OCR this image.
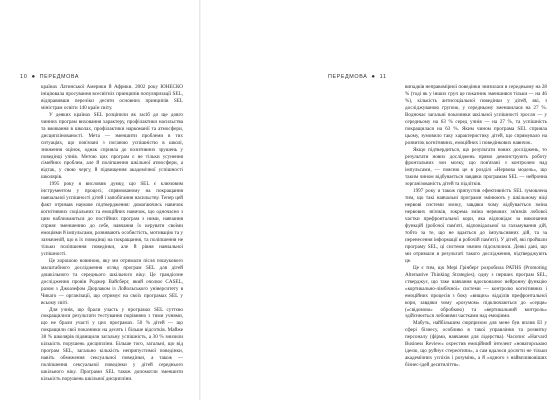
10 ● ПЕРЕДМОВА

країнах Латинської Америки й Африки. 2002 року ЮНЕСКО ініціювала просування всесвітніх принципів популяризації SEL, відправивши переліки десяти основних принципів SEL міністрам освіти 140 країн світу.

У деяких країнах SEL розцінили як засіб до ще довго чинних програм виховання характеру, профілактики насильства та вживання в школах, профілактики наркоманії та атмосфери, дисциплінованості. Мета — зменшити проблеми в тих ситуаціях, що пов'язані з поганою успішністю в школі, зниження оцінок, однак сприяла до позитивних зрушень у поведінці учнів. Метою цих програм є не тільки усунення сімейних проблем, але й поліпшення шкільної атмосфери, а відтак, у свою чергу, й підвищення академічної успішності школярів.

1995 року я висловив думку, що SEL є ключовим інструментом у процесі, спрямованому на покращання навчальної успішності дітей і запобігання насильству. Тепер цей факт отримав наукове підтвердження: домагаючись навичок когнітивних соціальних та емоційних навичок, що одночасно з цим наближаються до постійних програм з ними, навчання сприяє зменшенню до себе, навчання їх керувати своїми емоціями й імпульсами, розвивають особистість, мотивацію та у зазначеній, що в їх поведінці на покращання, та поліпшення не тільки поліпшення поведінки, але й рівня навчальної успішності.

Це хорошою новиною, яку ми отримали після пошукового масштабного дослідження огляд програм SEL для дітей дошкільного та середнього шкільного віку. Це грандіозне дослідження провів Роджер Вайсберг, який очолює CASEL, разом з Джоазефом Дюрлаком із Лойольського університету в Чикаго — організації, що отримує на своїх програмах SEL у всьому світі.

Для учнів, що брали участь у програмах SEL суттєво покращилися результати тестування порівняно з тими учнями, що не брали участі у цих програмах. 50 % дітей — що покращили свої показники на десять і більше відсотків. Майже 38 % школярів підвищили загальну успішність, а 30 % знизили кількість порушень дисципліни. Більше того, загальні, що від програм SEL, загально кількість неприпустимої поведінки, навіть обмеження сексуальної поведінки, а також — поліпшення сексуальної поведінки у дітей середнього шкільного віку. Програми SEL також допомогли зменшити кількість порушень шкільної дисципліни.

ПЕРЕДМОВА ● 11

випадків неправомірної поведінки знизилася в середньому на 28 % (тоді як у інших груп це показник зменшився тільки — на 46 %), кількість антисоціальної поведінки у дітей, які, з досліджуваною групою, у середньому зменшилася на 27 %. Водночас загальні показники шкільної успішності зросли — у середньому на 63 % серед учнів — на 27 %, та успішність покращилася на 63 %. Яким чином програма SEL сприяла цьому, зумовило таку характеристику дітей, що спрямувало на розвиток когнітивних, емоційних і поведінкових навичок.

Якщо підтвердиться, що результати нових досліджень, то результати нових досліджень прямо демонструють роботу фронтальних зон мозку, що пов'язані з контролем над імпульсами, — поясню це в розділі «Нервова модель», що таким чином відбувається завдяки програмам SEL — нейронна зорганізованість дітей та підлітків.

1997 року я також припустив ефективність SEL зумовлена тим, що такі навчальні програми змінюють у шкільному віці нервові системи мозку, завдяки чому відбувається зміна нервових зв'язків, зокрема зміна нервових зв'язків лобової частки префронтальної кори, яка відповідає за виконання функцій (робочої пам'яті, відповідальної за гальмування дій, тобто за те, що не вдається до імпульсивних дій, та за перенесення інформації в робочій пам'яті). У дітей, які пройшли програму SEL, ці системи значно підсилилися. Деякі дані, що ми отримали в результаті такого дослідження, підтверджують це.

Це є тим, що Мері Грінберг розробила PATHS (Promoting Alternative Thinking Strategies), одну з перших програм SEL, стверджує, що таке навчання вдосконалює нейронну функцію «кортикально-лімбічної» системи — контролю когнітивних і емоційних процесів з боку «вищих» відділів префронтальної кори, завдяки чому «розумом» підключаються до «серця» («свідомою» обробкою) та «вертикальний контроль» здійснюється лобовими частками над емоціями.

Мабуть, найбільшим сюрпризом для мене був вплив ЕІ у сфері бізнесу, особливо в такої управління та розвитку персоналу (фірми, навчання для лідерства). Часопис «Harvard Business Review» охрестив емоційний інтелект «новаторською ідеєю, що руйнує стереотипи», а сам вдалося досягти не тільки академічних успіхів і розумінь, а й «одного з найвпливовіших бізнес-ідей десятиліття».
